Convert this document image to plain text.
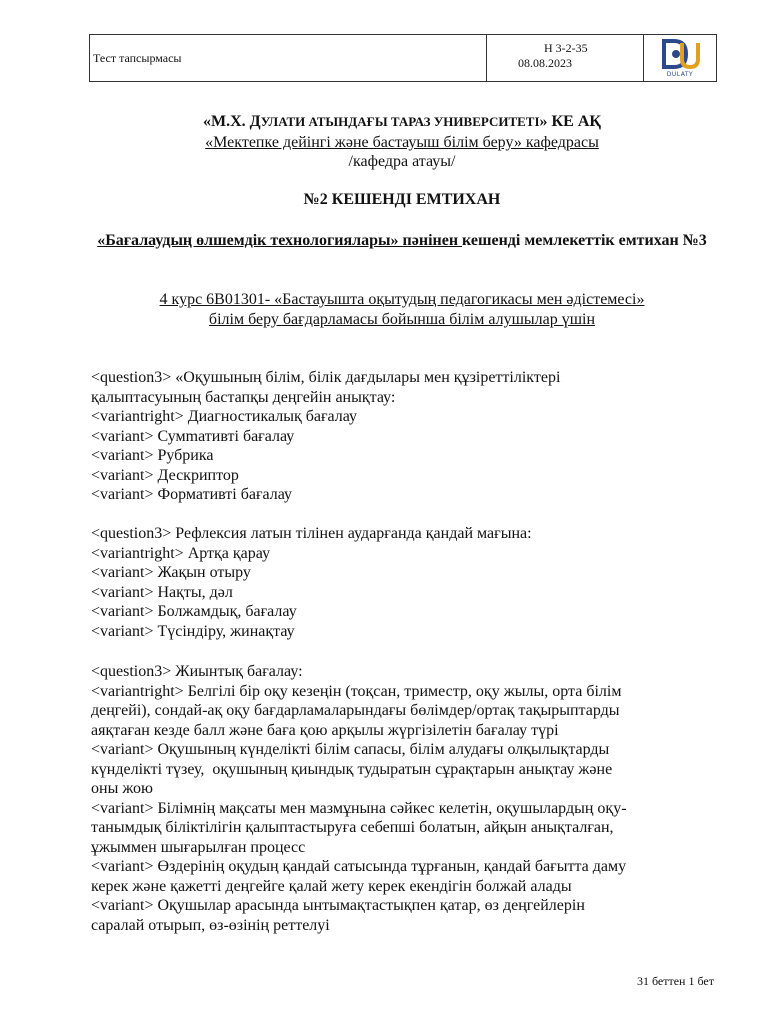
Тест тапсырмасы
Н 3-2-35
08.08.2023
DULATY
«М.Х. ДУЛАТИ АТЫНДАҒЫ ТАРАЗ УНИВЕРСИТЕТІ» КЕ АҚ
«Мектепке дейінгі және бастауыш білім беру» кафедрасы
/кафедра атауы/
№2 КЕШЕНДІ ЕМТИХАН
«Бағалаудың өлшемдік технологиялары» пәнінен кешенді мемлекеттік емтихан №3
4 курс 6В01301- «Бастауышта оқытудың педагогикасы мен әдістемесі»
білім беру бағдарламасы бойынша білім алушылар үшін
<question3> «Оқушының білім, білік дағдылары мен құзіреттіліктері
қалыптасуының бастапқы деңгейін анықтау:
<variantright> Диагностикалық бағалау
<variant> Сумmативті бағалау
<variant> Рубрика
<variant> Дескриптор
<variant> Формативті бағалау
<question3> Рефлексия латын тілінен аударғанда қандай мағына:
<variantright> Артқа қарау
<variant> Жақын отыру
<variant> Нақты, дәл
<variant> Болжамдық, бағалау
<variant> Түсіндіру, жинақтау
<question3> Жиынтық бағалау:
<variantright> Белгілі бір оқу кезеңін (тоқсан, триместр, оқу жылы, орта білім
деңгейі), сондай-ақ оқу бағдарламаларындағы бөлімдер/ортақ тақырыптарды
аяқтаған кезде балл және баға қою арқылы жүргізілетін бағалау түрі
<variant> Оқушының күнделікті білім сапасы, білім алудағы олқылықтарды
күнделікті түзеу,  оқушының қиындық тудыратын сұрақтарын анықтау және
оны жою
<variant> Білімнің мақсаты мен мазмұнына сәйкес келетін, оқушылардың оқу-
танымдық біліктілігін қалыптастыруға себепші болатын, айқын анықталған,
ұжыммен шығарылған процесс
<variant> Өздерінің оқудың қандай сатысында тұрғанын, қандай бағытта даму
керек және қажетті деңгейге қалай жету керек екендігін болжай алады
<variant> Оқушылар арасында ынтымақтастықпен қатар, өз деңгейлерін
саралай отырып, өз-өзінің реттелуі
31 беттен 1 бет
